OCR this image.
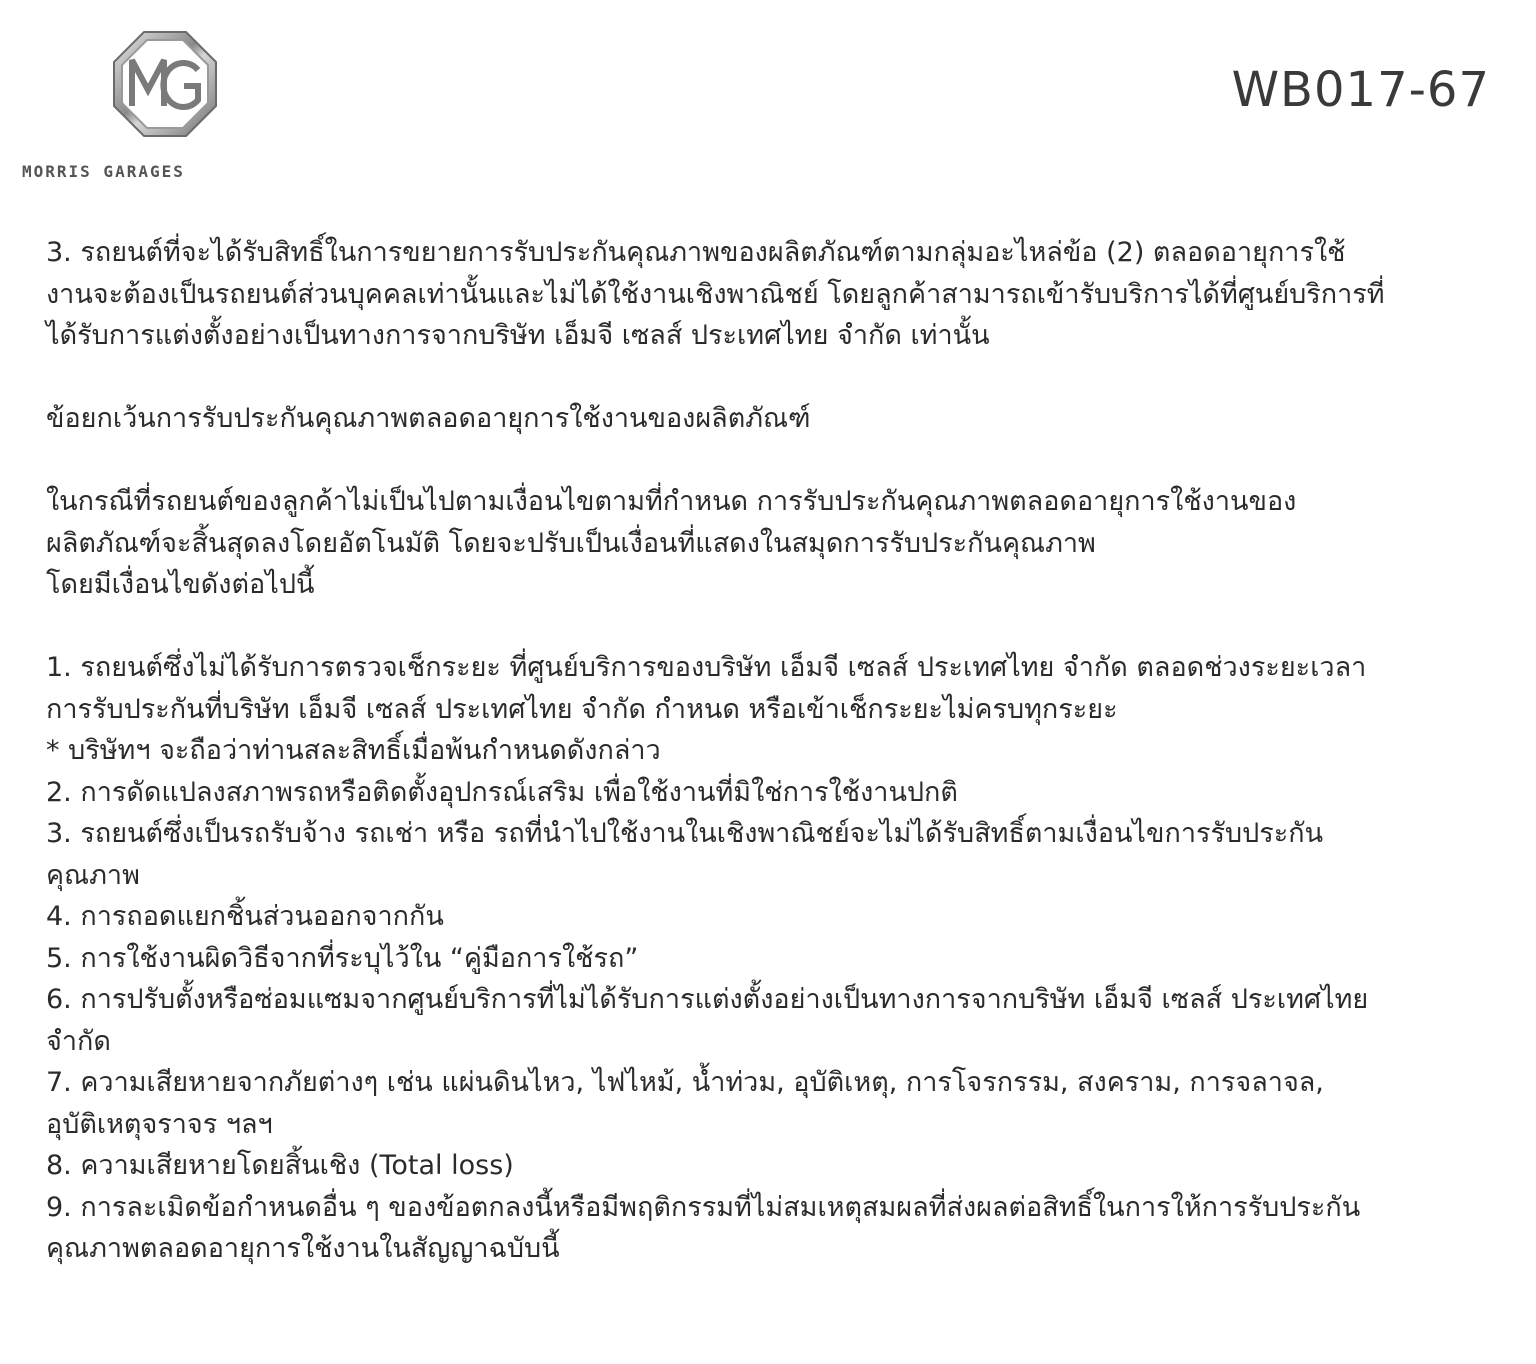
MORRIS GARAGES
WB017-67
3. รถยนต์ที่จะได้รับสิทธิ์ในการขยายการรับประกันคุณภาพของผลิตภัณฑ์ตามกลุ่มอะไหล่ข้อ (2) ตลอดอายุการใช้
งานจะต้องเป็นรถยนต์ส่วนบุคคลเท่านั้นและไม่ได้ใช้งานเชิงพาณิชย์ โดยลูกค้าสามารถเข้ารับบริการได้ที่ศูนย์บริการที่
ได้รับการแต่งตั้งอย่างเป็นทางการจากบริษัท เอ็มจี เซลส์ ประเทศไทย จำกัด เท่านั้น
ข้อยกเว้นการรับประกันคุณภาพตลอดอายุการใช้งานของผลิตภัณฑ์
ในกรณีที่รถยนต์ของลูกค้าไม่เป็นไปตามเงื่อนไขตามที่กำหนด การรับประกันคุณภาพตลอดอายุการใช้งานของ
ผลิตภัณฑ์จะสิ้นสุดลงโดยอัตโนมัติ โดยจะปรับเป็นเงื่อนที่แสดงในสมุดการรับประกันคุณภาพ
โดยมีเงื่อนไขดังต่อไปนี้
1. รถยนต์ซึ่งไม่ได้รับการตรวจเช็กระยะ ที่ศูนย์บริการของบริษัท เอ็มจี เซลส์ ประเทศไทย จำกัด ตลอดช่วงระยะเวลา
การรับประกันที่บริษัท เอ็มจี เซลส์ ประเทศไทย จำกัด กำหนด หรือเข้าเช็กระยะไม่ครบทุกระยะ
* บริษัทฯ จะถือว่าท่านสละสิทธิ์เมื่อพ้นกำหนดดังกล่าว
2. การดัดแปลงสภาพรถหรือติดตั้งอุปกรณ์เสริม เพื่อใช้งานที่มิใช่การใช้งานปกติ
3. รถยนต์ซึ่งเป็นรถรับจ้าง รถเช่า หรือ รถที่นำไปใช้งานในเชิงพาณิชย์จะไม่ได้รับสิทธิ์ตามเงื่อนไขการรับประกัน
คุณภาพ
4. การถอดแยกชิ้นส่วนออกจากกัน
5. การใช้งานผิดวิธีจากที่ระบุไว้ใน “คู่มือการใช้รถ”
6. การปรับตั้งหรือซ่อมแซมจากศูนย์บริการที่ไม่ได้รับการแต่งตั้งอย่างเป็นทางการจากบริษัท เอ็มจี เซลส์ ประเทศไทย
จำกัด
7. ความเสียหายจากภัยต่างๆ เช่น แผ่นดินไหว, ไฟไหม้, น้ำท่วม, อุบัติเหตุ, การโจรกรรม, สงคราม, การจลาจล,
อุบัติเหตุจราจร ฯลฯ
8. ความเสียหายโดยสิ้นเชิง (Total loss)
9. การละเมิดข้อกำหนดอื่น ๆ ของข้อตกลงนี้หรือมีพฤติกรรมที่ไม่สมเหตุสมผลที่ส่งผลต่อสิทธิ์ในการให้การรับประกัน
คุณภาพตลอดอายุการใช้งานในสัญญาฉบับนี้
